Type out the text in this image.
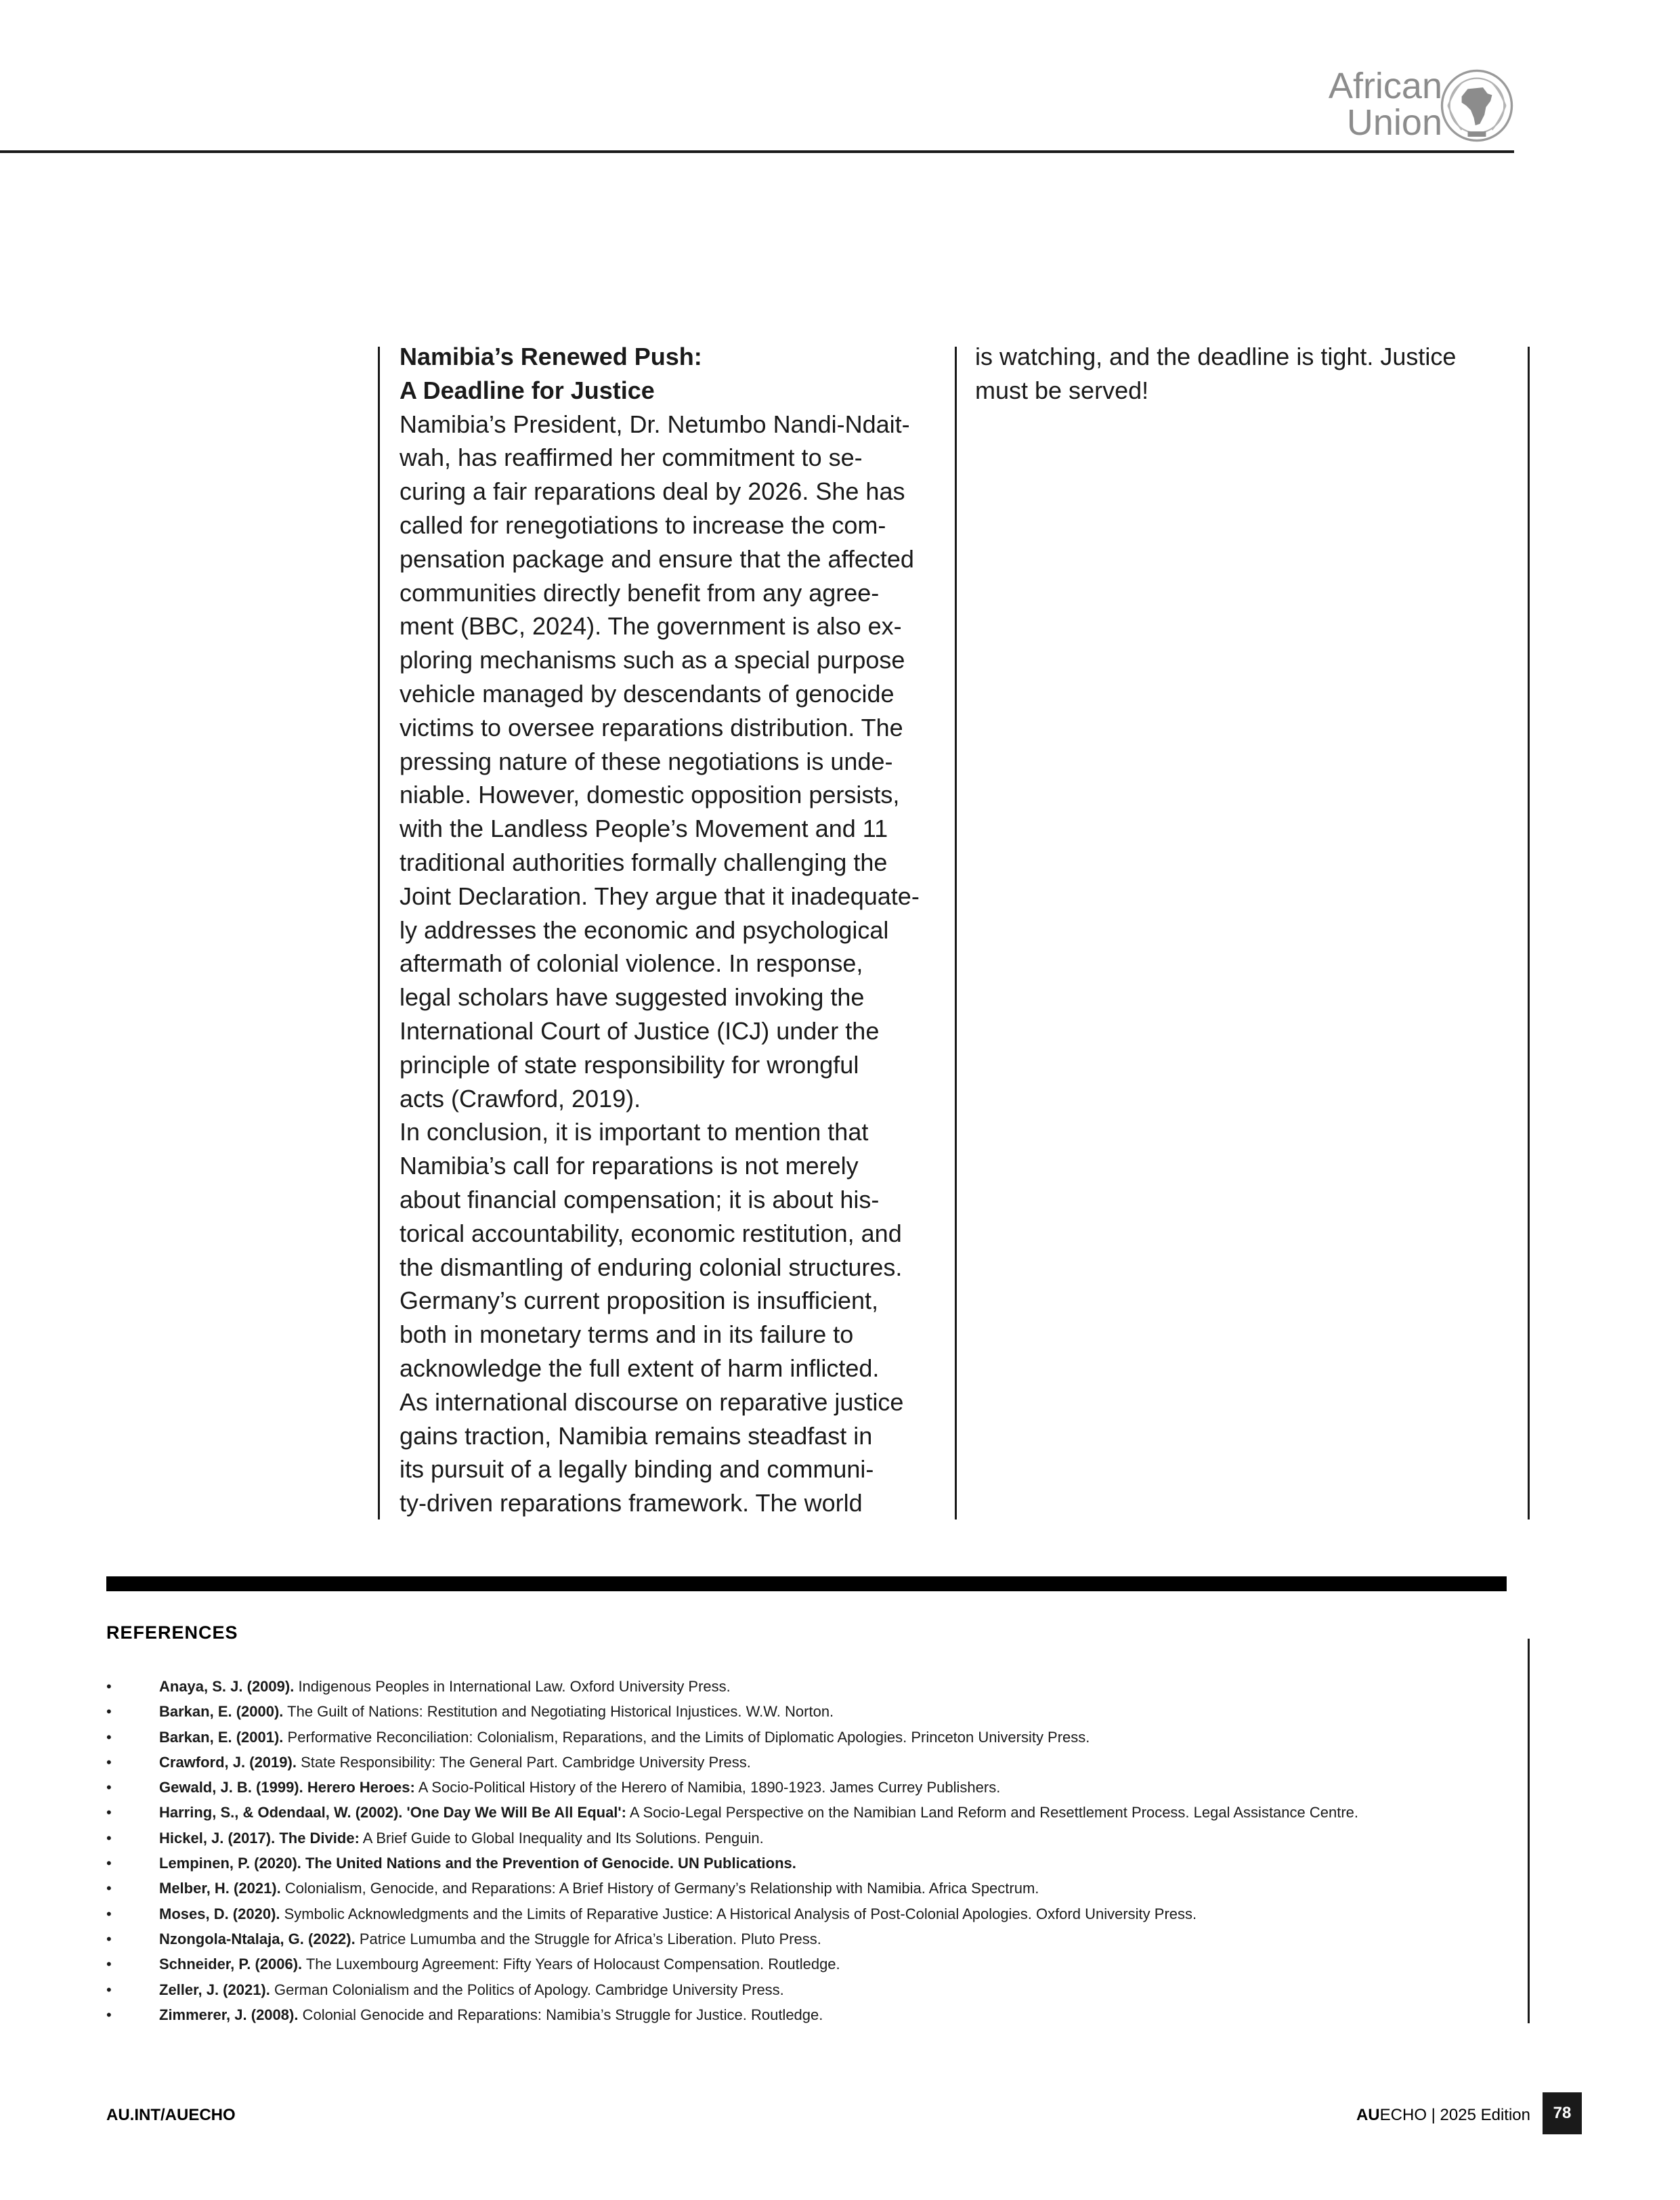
African
Union
Namibia’s Renewed Push:
A Deadline for Justice

Namibia’s President, Dr. Netumbo Nandi-Ndait-
wah, has reaffirmed her commitment to se-
curing a fair reparations deal by 2026. She has
called for renegotiations to increase the com-
pensation package and ensure that the affected
communities directly benefit from any agree-
ment (BBC, 2024). The government is also ex-
ploring mechanisms such as a special purpose
vehicle managed by descendants of genocide
victims to oversee reparations distribution. The
pressing nature of these negotiations is unde-
niable. However, domestic opposition persists,
with the Landless People’s Movement and 11
traditional authorities formally challenging the
Joint Declaration. They argue that it inadequate-
ly addresses the economic and psychological
aftermath of colonial violence. In response,
legal scholars have suggested invoking the
International Court of Justice (ICJ) under the
principle of state responsibility for wrongful
acts (Crawford, 2019).

In conclusion, it is important to mention that
Namibia’s call for reparations is not merely
about financial compensation; it is about his-
torical accountability, economic restitution, and
the dismantling of enduring colonial structures.
Germany’s current proposition is insufficient,
both in monetary terms and in its failure to
acknowledge the full extent of harm inflicted.
As international discourse on reparative justice
gains traction, Namibia remains steadfast in
its pursuit of a legally binding and communi-
ty-driven reparations framework. The world

is watching, and the deadline is tight. Justice
must be served!
REFERENCES
•	Anaya, S. J. (2009). Indigenous Peoples in International Law. Oxford University Press.
•	Barkan, E. (2000). The Guilt of Nations: Restitution and Negotiating Historical Injustices. W.W. Norton.
•	Barkan, E. (2001). Performative Reconciliation: Colonialism, Reparations, and the Limits of Diplomatic Apologies. Princeton University Press.
•	Crawford, J. (2019). State Responsibility: The General Part. Cambridge University Press.
•	Gewald, J. B. (1999). Herero Heroes: A Socio-Political History of the Herero of Namibia, 1890-1923. James Currey Publishers.
•	Harring, S., & Odendaal, W. (2002). 'One Day We Will Be All Equal': A Socio-Legal Perspective on the Namibian Land Reform and Resettlement Process. Legal Assistance Centre.
•	Hickel, J. (2017). The Divide: A Brief Guide to Global Inequality and Its Solutions. Penguin.
•	Lempinen, P. (2020). The United Nations and the Prevention of Genocide. UN Publications.
•	Melber, H. (2021). Colonialism, Genocide, and Reparations: A Brief History of Germany’s Relationship with Namibia. Africa Spectrum.
•	Moses, D. (2020). Symbolic Acknowledgments and the Limits of Reparative Justice: A Historical Analysis of Post-Colonial Apologies. Oxford University Press.
•	Nzongola-Ntalaja, G. (2022). Patrice Lumumba and the Struggle for Africa’s Liberation. Pluto Press.
•	Schneider, P. (2006). The Luxembourg Agreement: Fifty Years of Holocaust Compensation. Routledge.
•	Zeller, J. (2021). German Colonialism and the Politics of Apology. Cambridge University Press.
•	Zimmerer, J. (2008). Colonial Genocide and Reparations: Namibia’s Struggle for Justice. Routledge.
AU.INT/AUECHO	AUECHO | 2025 Edition	78
